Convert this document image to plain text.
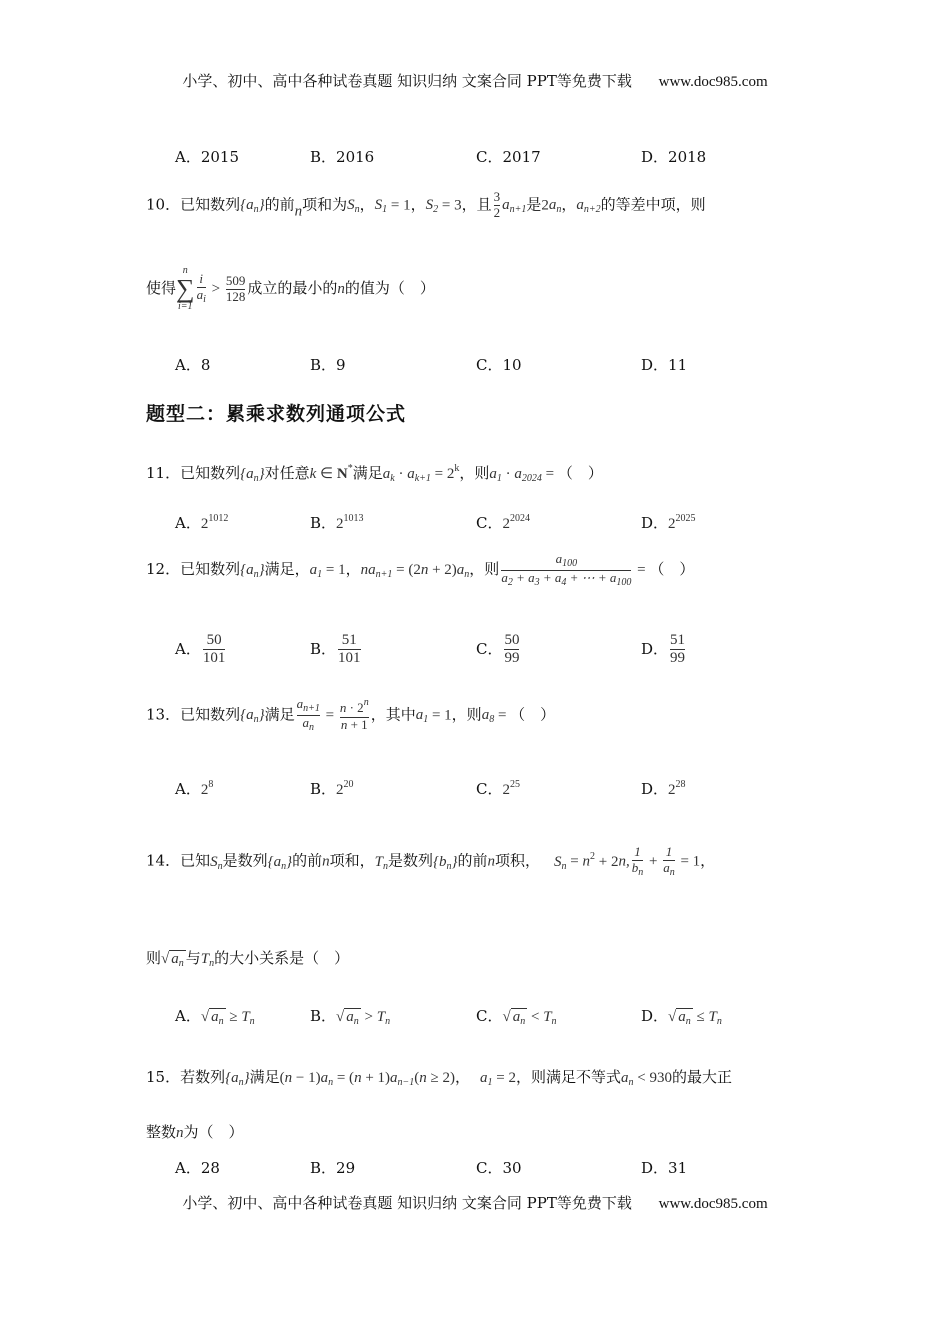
小学、初中、高中各种试卷真题 知识归纳 文案合同 PPT等免费下载 www.doc985.com
A．2015	B．2016	C．2017	D．2018
10．已知数列$\{a_n\}$的前n项和为$S_n$，$S_1 = 1$，$S_2 = 3$，且 $\frac{3}{2} a_{n+1}$是$2a_n$，$a_{n+2}$的等差中项，则
使得n
∑
i=1
$\frac{i}{a_i} > \frac{509}{128}$ 成立的最小的n的值为（　）
A．8	B．9	C．10	D．11
题型二：累乘求数列通项公式
11．已知数列$\{a_n\}$对任意k ∈ N*满足$a_k \cdot a_{k+1} = 2^k$，则$a_1 \cdot a_{2024}$ = （　）
A．$2^{1012}$	B．$2^{1013}$	C．$2^{2024}$	D．$2^{2025}$
12．已知数列$\{a_n\}$满足，$a_1 = 1$，$na_{n+1} = (2n + 2)a_n$，则 $\frac{a_{100}}{a_2 + a_3 + a_4 + \cdots + a_{100}}$ = （　）
A． $\frac{50}{101}$	B． $\frac{51}{101}$	C． $\frac{50}{99}$	D． $\frac{51}{99}$
13．已知数列$\{a_n\}$满足 $\frac{a_{n+1}}{a_n} = \frac{n \cdot 2^n}{n + 1}$ ，其中$a_1 = 1$，则$a_8$ = （　）
A．$2^8$	B．$2^{20}$	C．$2^{25}$	D．$2^{28}$
14．已知$S_n$是数列$\{a_n\}$的前n项和，$T_n$是数列$\{b_n\}$的前n项积， $S_n = n^2 + 2n$, $\frac{1}{b_n} + \frac{1}{a_n} = 1$，
则√ $a_n$ 与$T_n$的大小关系是（　）
A．√ $a_n \ge T_n$	B．√ $a_n > T_n$	C．√ $a_n < T_n$	D．√ $a_n \le T_n$
15．若数列$\{a_n\}$满足$(n - 1)a_n = (n + 1)a_{n-1}(n \ge 2)$， $a_1 = 2$，则满足不等式$a_n < 930$的最大正
整数n为（　）
A．28	B．29	C．30	D．31
小学、初中、高中各种试卷真题 知识归纳 文案合同 PPT等免费下载 www.doc985.com
